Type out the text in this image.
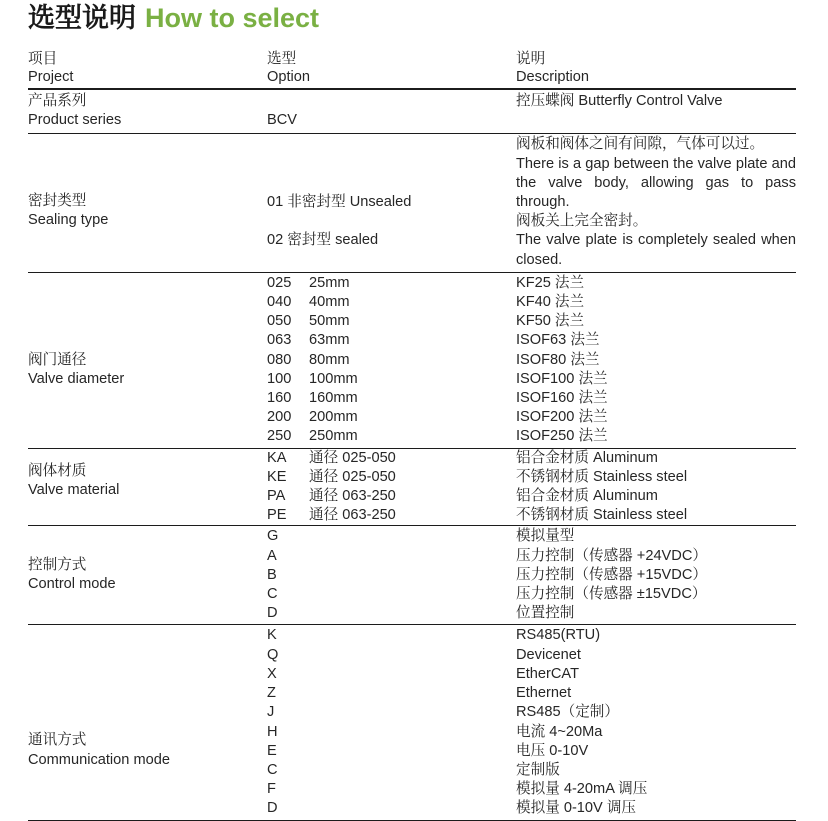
选型说明 How to select
项目
Project
选型
Option
说明
Description
产品系列
Product series	BCV
控压蝶阀 Butterfly Control Valve
密封类型
Sealing type
01 非密封型 Unsealed
阀板和阀体之间有间隙，气体可以过。
There is a gap between the valve plate and the valve body, allowing gas to pass through.
02 密封型 sealed
阀板关上完全密封。
The valve plate is completely sealed when closed.
阀门通径
Valve diameter
025 25mm
040 40mm
050 50mm
063 63mm
080 80mm
100 100mm
160 160mm
200 200mm
250 250mm
KF25 法兰
KF40 法兰
KF50 法兰
ISOF63 法兰
ISOF80 法兰
ISOF100 法兰
ISOF160 法兰
ISOF200 法兰
ISOF250 法兰
阀体材质
Valve material
KA 通径 025-050
KE 通径 025-050
PA 通径 063-250
PE 通径 063-250
铝合金材质 Aluminum
不锈钢材质 Stainless steel
铝合金材质 Aluminum
不锈钢材质 Stainless steel
控制方式
Control mode
G
A
B
C
D
模拟量型
压力控制（传感器 +24VDC）
压力控制（传感器 +15VDC）
压力控制（传感器 ±15VDC）
位置控制
通讯方式
Communication mode
K
Q
X
Z
J
H
E
C
F
D
RS485(RTU)
Devicenet
EtherCAT
Ethernet
RS485（定制）
电流 4~20Ma
电压 0-10V
定制版
模拟量 4-20mA 调压
模拟量 0-10V 调压
